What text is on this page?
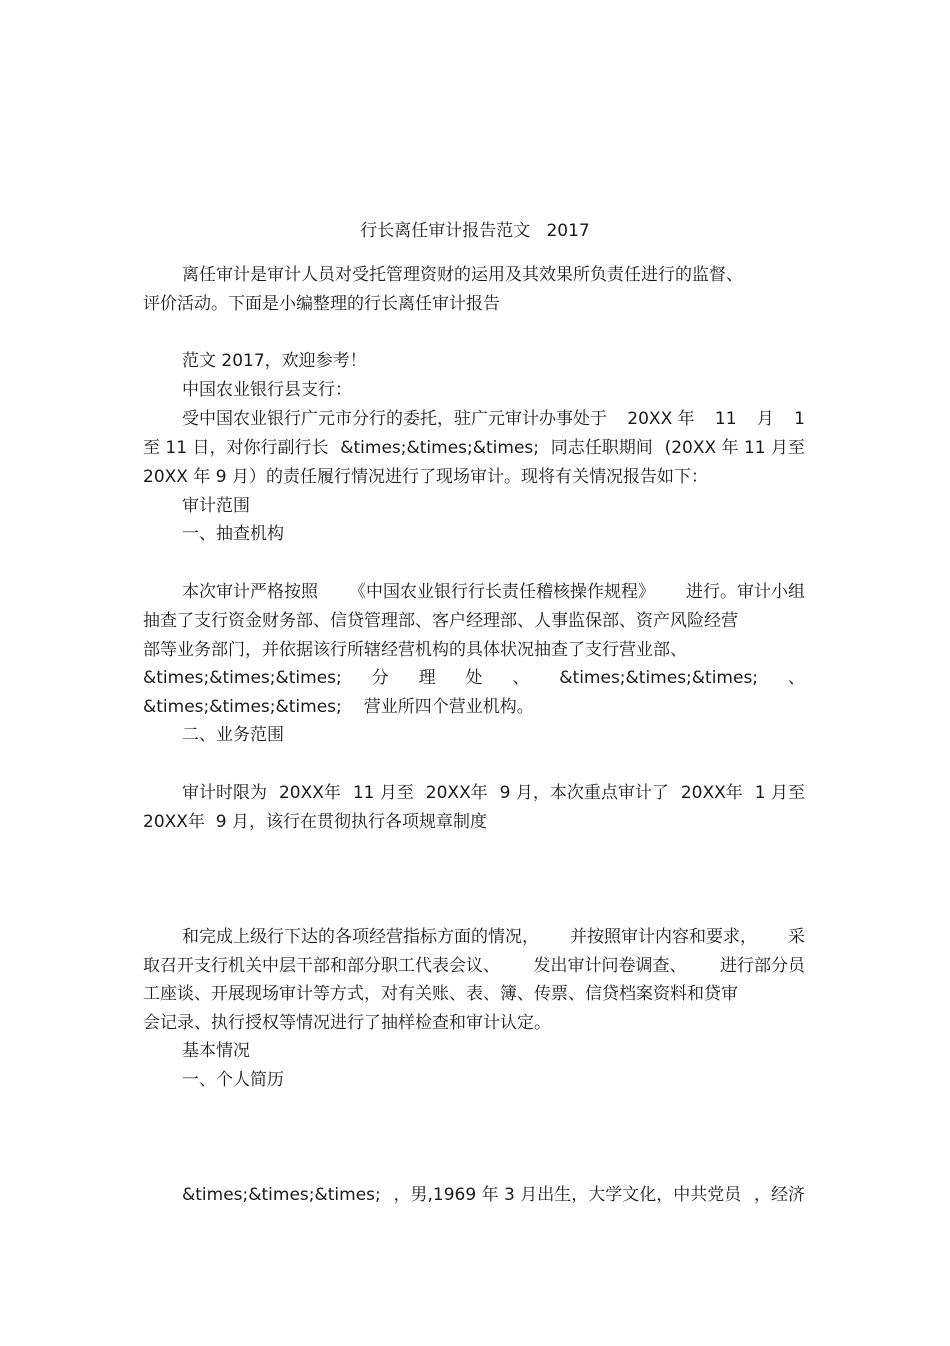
行长离任审计报告范文   2017
离任审计是审计人员对受托管理资财的运用及其效果所负责任进行的监督、
评价活动。下面是小编整理的行长离任审计报告
范文 2017，欢迎参考！
中国农业银行县支行：
受中国农业银行广元市分行的委托，驻广元审计办事处于 20XX 年 11 月 1
至 11 日，对你行副行长 &times;&times;&times; 同志任职期间 (20XX 年 11 月至
20XX 年 9 月）的责任履行情况进行了现场审计。现将有关情况报告如下：
审计范围
一、抽查机构
本次审计严格按照 《中国农业银行行长责任稽核操作规程》 进行。审计小组
抽查了支行资金财务部、信贷管理部、客户经理部、人事监保部、资产风险经营
部等业务部门，并依据该行所辖经营机构的具体状况抽查了支行营业部、
&times;&times;&times; 分 理 处 、 &times;&times;&times; 、
&times;&times;&times; 营业所四个营业机构。
二、业务范围
审计时限为 20XX年 11 月至 20XX年 9 月，本次重点审计了 20XX年 1 月至
20XX年  9 月，该行在贯彻执行各项规章制度
和完成上级行下达的各项经营指标方面的情况， 并按照审计内容和要求， 采
取召开支行机关中层干部和部分职工代表会议、 发出审计问卷调查、 进行部分员
工座谈、开展现场审计等方式，对有关账、表、簿、传票、信贷档案资料和贷审
会记录、执行授权等情况进行了抽样检查和审计认定。
基本情况
一、个人简历
&times;&times;&times; ，男,1969 年 3 月出生，大学文化，中共党员 ，经济
